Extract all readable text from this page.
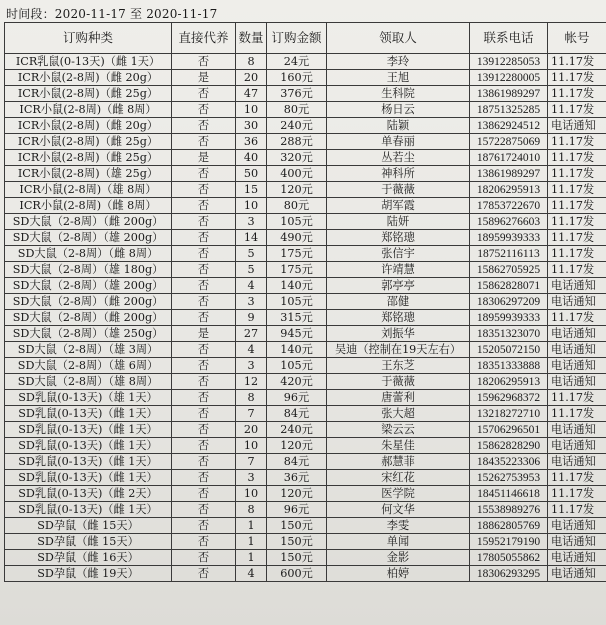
时间段：2020-11-17 至 2020-11-17
订购种类	直接代养	数量	订购金额	领取人	联系电话	帐号
ICR乳鼠(0-13天)（雌 1天）	否	8	24元	李玲	13912285053	11.17发
ICR小鼠(2-8周)（雌 20g）	是	20	160元	王旭	13912280005	11.17发
ICR小鼠(2-8周)（雌 25g）	否	47	376元	生科院	13861989297	11.17发
ICR小鼠(2-8周)（雌 8周）	否	10	80元	杨日云	18751325285	11.17发
ICR小鼠(2-8周)（雌 20g）	否	30	240元	陆颖	13862924512	电话通知
ICR小鼠(2-8周)（雌 25g）	否	36	288元	单春丽	15722875069	11.17发
ICR小鼠(2-8周)（雌 25g）	是	40	320元	丛若尘	18761724010	11.17发
ICR小鼠(2-8周)（雄 25g）	否	50	400元	神科所	13861989297	11.17发
ICR小鼠(2-8周)（雄 8周）	否	15	120元	于薇薇	18206295913	11.17发
ICR小鼠(2-8周)（雌 8周）	否	10	80元	胡军霞	17853722670	11.17发
SD大鼠（2-8周）（雌 200g）	否	3	105元	陆妍	15896276603	11.17发
SD大鼠（2-8周）（雄 200g）	否	14	490元	郑铭璁	18959939333	11.17发
SD大鼠（2-8周）（雌 8周）	否	5	175元	张信宇	18752116113	11.17发
SD大鼠（2-8周）（雄 180g）	否	5	175元	许靖慧	15862705925	11.17发
SD大鼠（2-8周）（雄 200g）	否	4	140元	郭亭亭	15862828071	电话通知
SD大鼠（2-8周）（雌 200g）	否	3	105元	邵健	18306297209	电话通知
SD大鼠（2-8周）（雌 200g）	否	9	315元	郑铭璁	18959939333	11.17发
SD大鼠（2-8周）（雄 250g）	是	27	945元	刘振华	18351323070	电话通知
SD大鼠（2-8周）（雄 3周）	否	4	140元	吴迪（控制在19天左右）	15205072150	电话通知
SD大鼠（2-8周）（雄 6周）	否	3	105元	王东芝	18351333888	电话通知
SD大鼠（2-8周）（雄 8周）	否	12	420元	于薇薇	18206295913	电话通知
SD乳鼠(0-13天)（雄 1天）	否	8	96元	唐蕾利	15962968372	11.17发
SD乳鼠(0-13天)（雌 1天）	否	7	84元	张大超	13218272710	11.17发
SD乳鼠(0-13天)（雌 1天）	否	20	240元	梁云云	15706296501	电话通知
SD乳鼠(0-13天)（雌 1天）	否	10	120元	朱星佳	15862828290	电话通知
SD乳鼠(0-13天)（雌 1天）	否	7	84元	郝慧菲	18435223306	电话通知
SD乳鼠(0-13天)（雌 1天）	否	3	36元	宋红花	15262753953	11.17发
SD乳鼠(0-13天)（雌 2天）	否	10	120元	医学院	18451146618	11.17发
SD乳鼠(0-13天)（雌 1天）	否	8	96元	何文华	15538989276	11.17发
SD孕鼠（雌 15天）	否	1	150元	李雯	18862805769	电话通知
SD孕鼠（雌 15天）	否	1	150元	单闻	15952179190	电话通知
SD孕鼠（雌 16天）	否	1	150元	金影	17805055862	电话通知
SD孕鼠（雌 19天）	否	4	600元	柏婷	18306293295	电话通知
